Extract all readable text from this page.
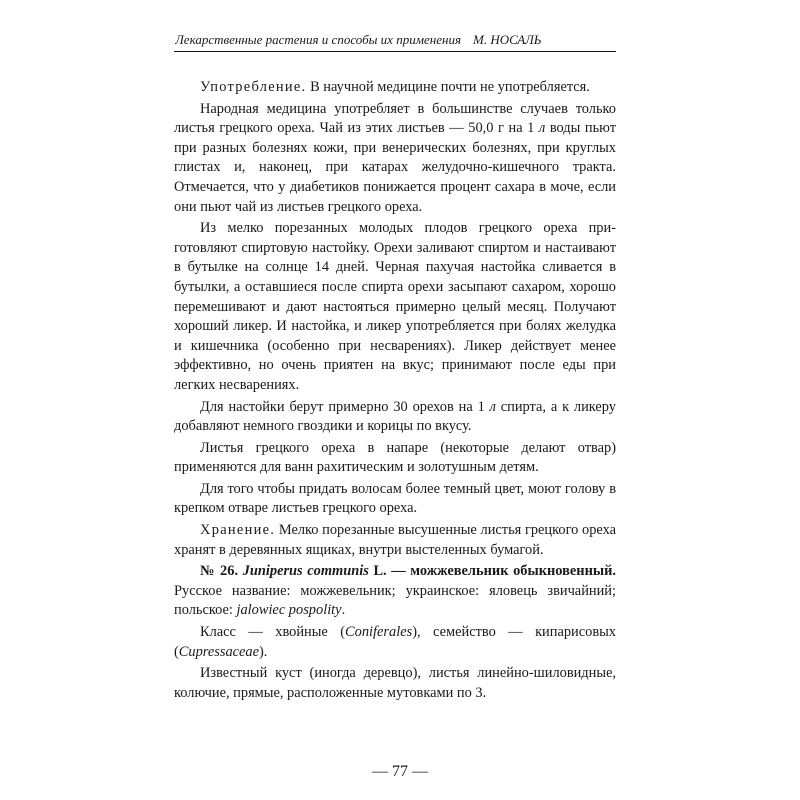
Лекарственные растения и способы их применения М. НОСАЛЬ

Употребление. В научной медицине почти не употребляется.

Народная медицина употребляет в большинстве случаев только листья грецкого ореха. Чай из этих листьев — 50,0 г на 1 л воды пьют при разных болезнях кожи, при венерических болезнях, при круглых глистах и, наконец, при катарах желудочно-кишечного тракта. Отмечается, что у диабетиков понижается процент сахара в моче, если они пьют чай из листьев грецкого ореха.

Из мелко порезанных молодых плодов грецкого ореха приготовляют спиртовую настойку. Орехи заливают спиртом и настаивают в бутылке на солнце 14 дней. Черная пахучая настойка сливается в бутылки, а оставшиеся после спирта орехи засыпают сахаром, хорошо перемешивают и дают настояться примерно целый месяц. Получают хороший ликер. И настойка, и ликер употребляется при болях желудка и кишечника (особенно при несварениях). Ликер действует менее эффективно, но очень приятен на вкус; принимают после еды при легких несварениях.

Для настойки берут примерно 30 орехов на 1 л спирта, а к ликеру добавляют немного гвоздики и корицы по вкусу.

Листья грецкого ореха в напаре (некоторые делают отвар) применяются для ванн рахитическим и золотушным детям.

Для того чтобы придать волосам более темный цвет, моют голову в крепком отваре листьев грецкого ореха.

Хранение. Мелко порезанные высушенные листья грецкого ореха хранят в деревянных ящиках, внутри выстеленных бумагой.

№ 26. Juniperus communis L. — можжевельник обыкновенный. Русское название: можжевельник; украинское: ялoвець звичайний; польское: jalowiec pospolity.

Класс — хвойные (Coniferales), семейство — кипарисовых (Cupressaceae).

Известный куст (иногда деревцо), листья линейно-шиловидные, колючие, прямые, расположенные мутовками по 3.

— 77 —
